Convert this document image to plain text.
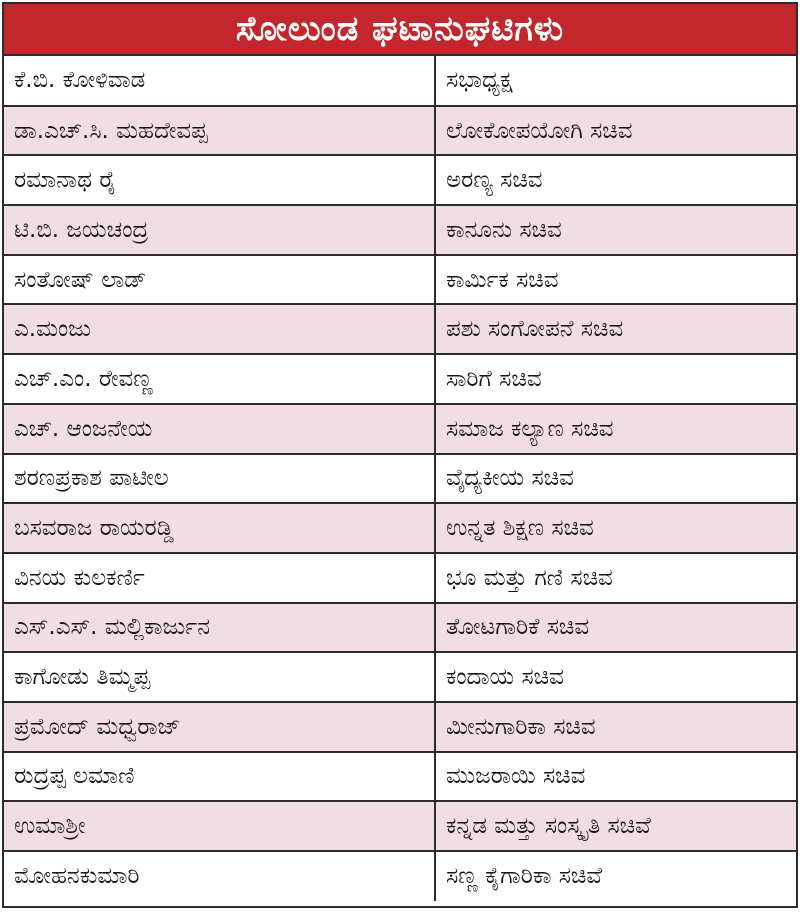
ಸೋಲುಂಡ ಘಟಾನುಘಟಿಗಳು
ಕೆ.ಬಿ. ಕೋಳಿವಾಡ	ಸಭಾಧ್ಯಕ್ಷ
ಡಾ.ಎಚ್.ಸಿ. ಮಹದೇವಪ್ಪ	ಲೋಕೋಪಯೋಗಿ ಸಚಿವ
ರಮಾನಾಥ ರೈ	ಅರಣ್ಯ ಸಚಿವ
ಟಿ.ಬಿ. ಜಯಚಂದ್ರ	ಕಾನೂನು ಸಚಿವ
ಸಂತೋಷ್ ಲಾಡ್	ಕಾರ್ಮಿಕ ಸಚಿವ
ಎ.ಮಂಜು	ಪಶು ಸಂಗೋಪನೆ ಸಚಿವ
ಎಚ್.ಎಂ. ರೇವಣ್ಣ	ಸಾರಿಗೆ ಸಚಿವ
ಎಚ್. ಆಂಜನೇಯ	ಸಮಾಜ ಕಲ್ಯಾಣ ಸಚಿವ
ಶರಣಪ್ರಕಾಶ ಪಾಟೀಲ	ವೈದ್ಯಕೀಯ ಸಚಿವ
ಬಸವರಾಜ ರಾಯರಡ್ಡಿ	ಉನ್ನತ ಶಿಕ್ಷಣ ಸಚಿವ
ವಿನಯ ಕುಲಕರ್ಣಿ	ಭೂ ಮತ್ತು ಗಣಿ ಸಚಿವ
ಎಸ್.ಎಸ್. ಮಲ್ಲಿಕಾರ್ಜುನ	ತೋಟಗಾರಿಕೆ ಸಚಿವ
ಕಾಗೋಡು ತಿಮ್ಮಪ್ಪ	ಕಂದಾಯ ಸಚಿವ
ಪ್ರಮೋದ್ ಮಧ್ವರಾಜ್	ಮೀನುಗಾರಿಕಾ ಸಚಿವ
ರುದ್ರಪ್ಪ ಲಮಾಣಿ	ಮುಜರಾಯಿ ಸಚಿವ
ಉಮಾಶ್ರೀ	ಕನ್ನಡ ಮತ್ತು ಸಂಸ್ಕೃತಿ ಸಚಿವೆ
ಮೋಹನಕುಮಾರಿ	ಸಣ್ಣ ಕೈಗಾರಿಕಾ ಸಚಿವೆ
